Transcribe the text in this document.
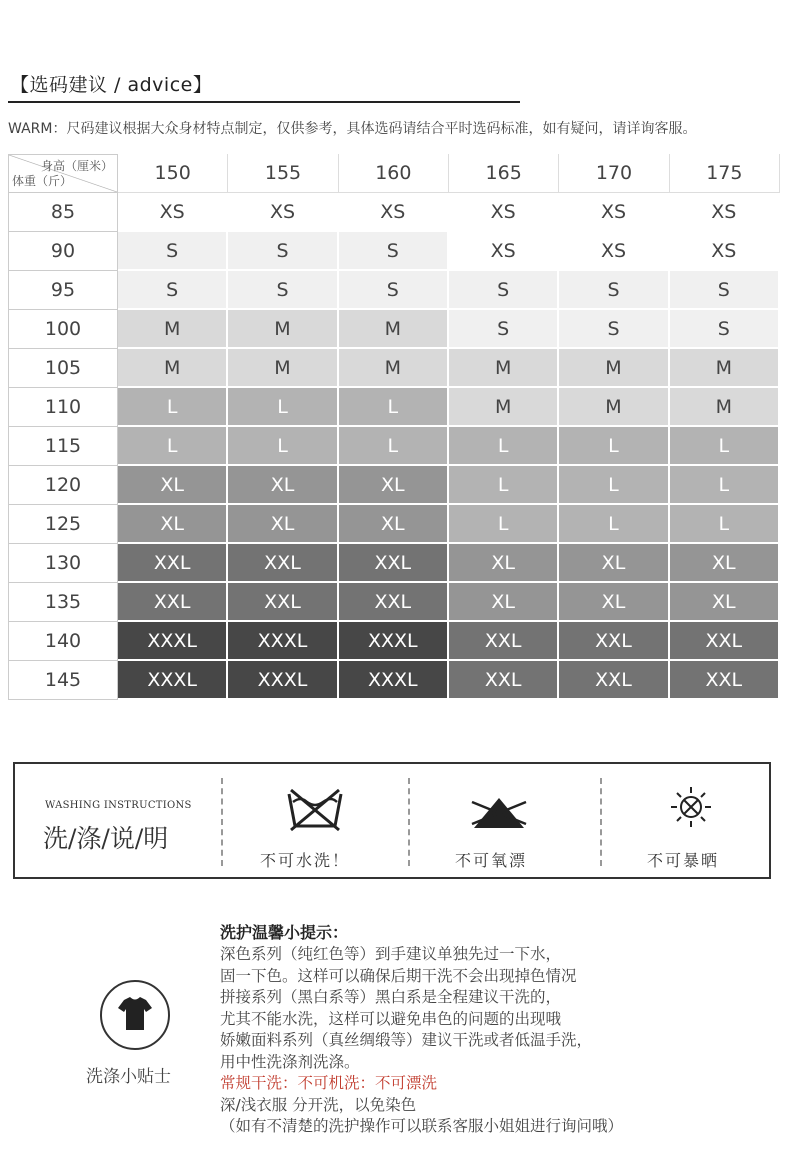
【选码建议 / advice】
WARM：尺码建议根据大众身材特点制定，仅供参考，具体选码请结合平时选码标准，如有疑问，请详询客服。
身高（厘米）
体重（斤）	150	155	160	165	170	175
85	XS	XS	XS	XS	XS	XS
90	S	S	S	XS	XS	XS
95	S	S	S	S	S	S
100	M	M	M	S	S	S
105	M	M	M	M	M	M
110	L	L	L	M	M	M
115	L	L	L	L	L	L
120	XL	XL	XL	L	L	L
125	XL	XL	XL	L	L	L
130	XXL	XXL	XXL	XL	XL	XL
135	XXL	XXL	XXL	XL	XL	XL
140	XXXL	XXXL	XXXL	XXL	XXL	XXL
145	XXXL	XXXL	XXXL	XXL	XXL	XXL
WASHING INSTRUCTIONS
洗/涤/说/明
不可水洗！	不可氧漂	不可暴晒
洗涤小贴士
洗护温馨小提示：
深色系列（纯红色等）到手建议单独先过一下水，
固一下色。这样可以确保后期干洗不会出现掉色情况
拼接系列（黑白系等）黑白系是全程建议干洗的，
尤其不能水洗，这样可以避免串色的问题的出现哦
娇嫩面料系列（真丝绸缎等）建议干洗或者低温手洗，
用中性洗涤剂洗涤。
常规干洗：不可机洗：不可漂洗
深/浅衣服 分开洗，以免染色
（如有不清楚的洗护操作可以联系客服小姐姐进行询问哦）
